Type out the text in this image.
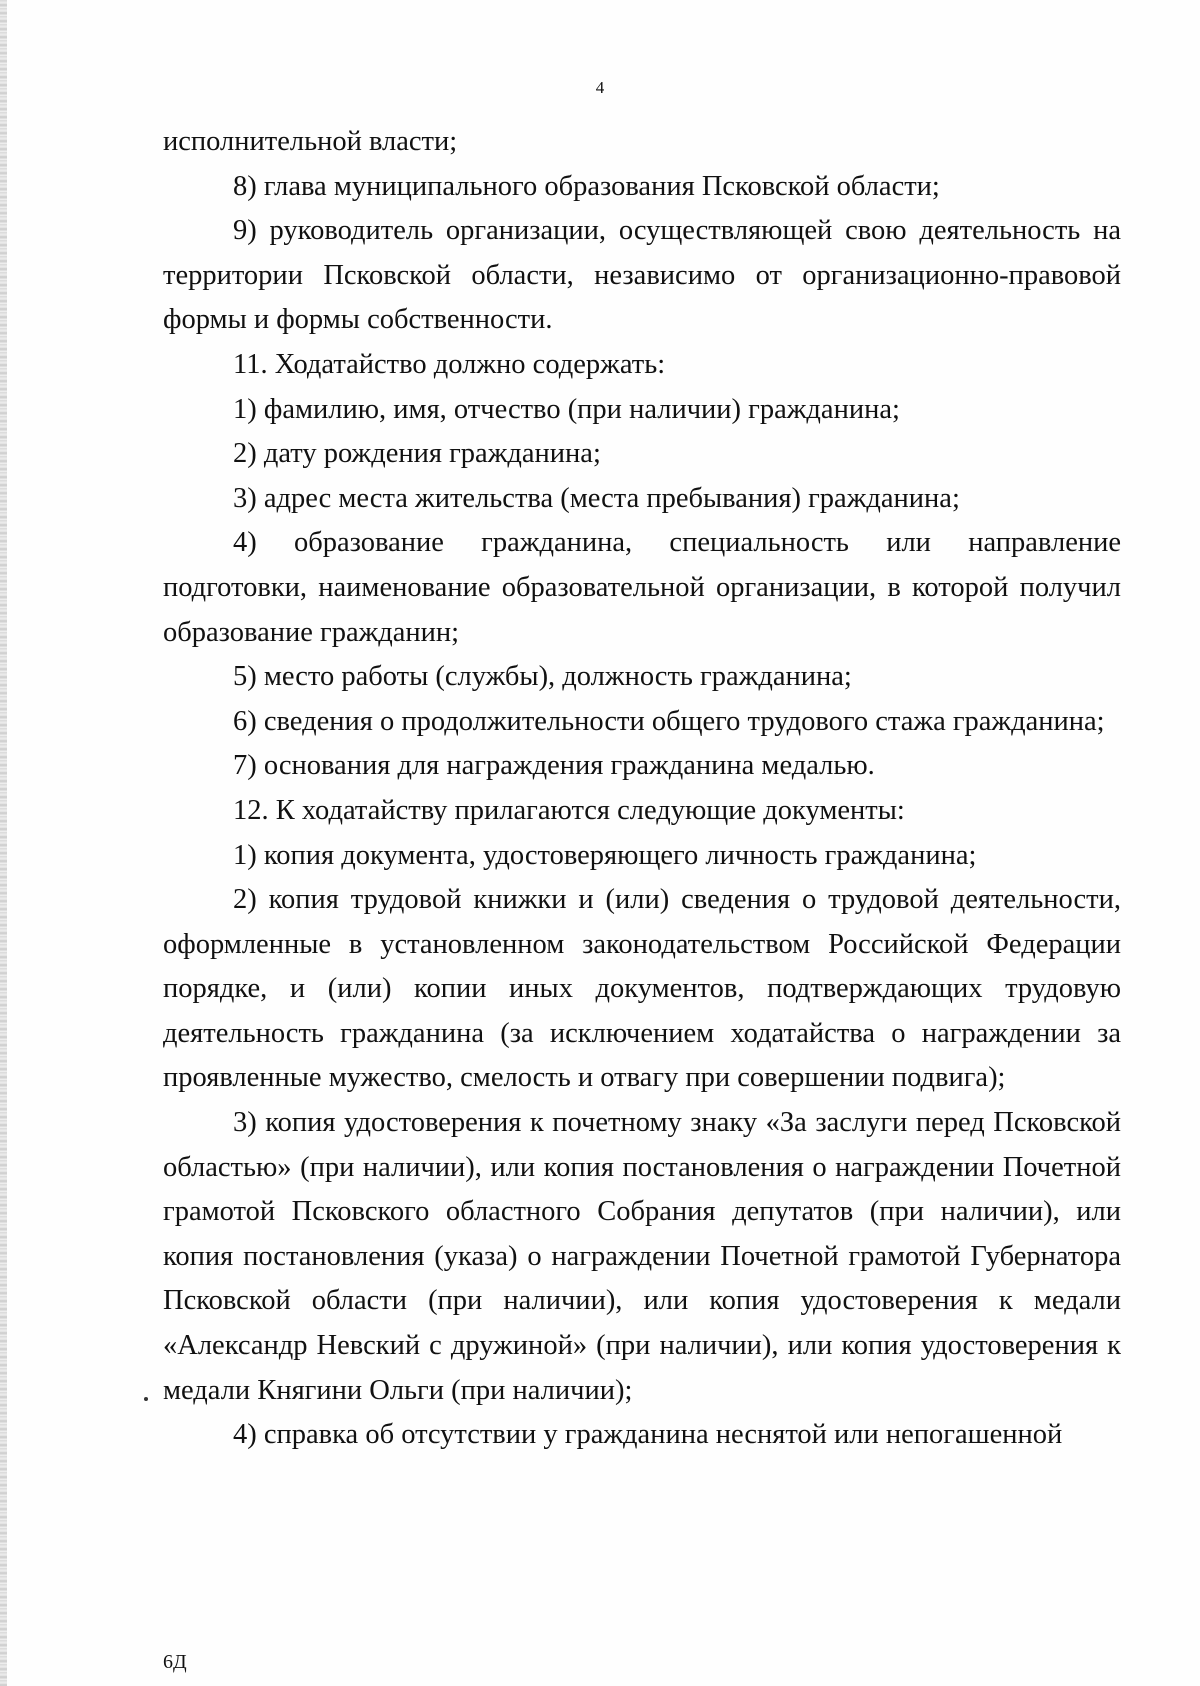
4

исполнительной власти;

8) глава муниципального образования Псковской области;

9) руководитель организации, осуществляющей свою деятельность на территории Псковской области, независимо от организационно-правовой формы и формы собственности.

11. Ходатайство должно содержать:

1) фамилию, имя, отчество (при наличии) гражданина;

2) дату рождения гражданина;

3) адрес места жительства (места пребывания) гражданина;

4) образование гражданина, специальность или направление подготовки, наименование образовательной организации, в которой получил образование гражданин;

5) место работы (службы), должность гражданина;

6) сведения о продолжительности общего трудового стажа гражданина;

7) основания для награждения гражданина медалью.

12. К ходатайству прилагаются следующие документы:

1) копия документа, удостоверяющего личность гражданина;

2) копия трудовой книжки и (или) сведения о трудовой деятельности, оформленные в установленном законодательством Российской Федерации порядке, и (или) копии иных документов, подтверждающих трудовую деятельность гражданина (за исключением ходатайства о награждении за проявленные мужество, смелость и отвагу при совершении подвига);

3) копия удостоверения к почетному знаку «За заслуги перед Псковской областью» (при наличии), или копия постановления о награждении Почетной грамотой Псковского областного Собрания депутатов (при наличии), или копия постановления (указа) о награждении Почетной грамотой Губернатора Псковской области (при наличии), или копия удостоверения к медали «Александр Невский с дружиной» (при наличии), или копия удостоверения к медали Княгини Ольги (при наличии);

4) справка об отсутствии у гражданина неснятой или непогашенной

6Д
